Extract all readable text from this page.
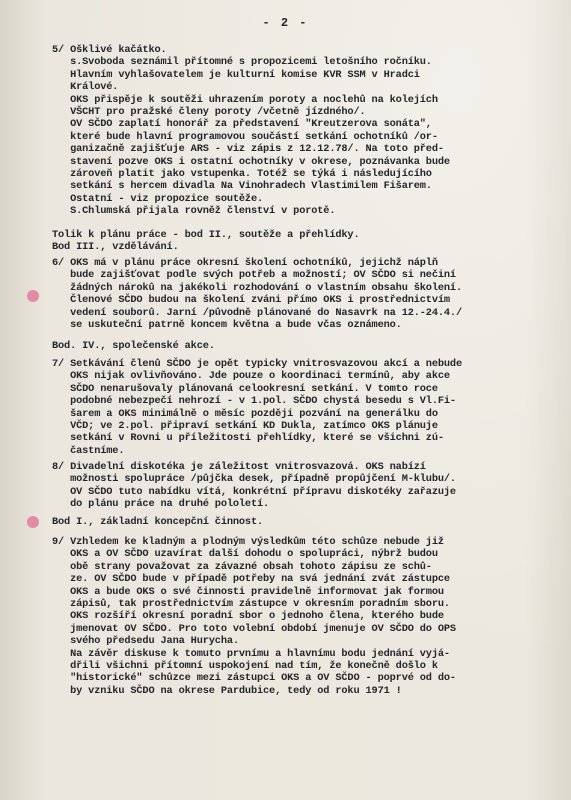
- 2 -
5/ Ošklivé kačátko.
s.Svoboda seznámil přítomné s propozicemi letošního ročníku.
Hlavním vyhlašovatelem je kulturní komise KVR SSM v Hradci
Králové.
OKS přispěje k soutěži uhrazením poroty a noclehů na kolejích
VŠCHT pro pražské členy poroty /včetně jízdného/.
OV SČDO zaplatí honorář za představení "Kreutzerova sonáta",
které bude hlavní programovou součástí setkání ochotníků /or-
ganizačně zajišťuje ARS - viz zápis z 12.12.78/. Na toto před-
stavení pozve OKS i ostatní ochotníky v okrese, poznávanka bude
zároveň platit jako vstupenka. Totéž se týká i následujícího
setkání s hercem divadla Na Vinohradech Vlastimilem Fišarem.
Ostatní - viz propozice soutěže.
S.Chlumská přijala rovněž členství v porotě.
Tolik k plánu práce - bod II., soutěže a přehlídky.
Bod III., vzdělávání.
6/ OKS má v plánu práce okresní školení ochotníků, jejichž náplň
bude zajišťovat podle svých potřeb a možností; OV SČDO si nečiní
žádných nároků na jakékoli rozhodování o vlastním obsahu školení.
Členové SČDO budou na školení zváni přímo OKS i prostřednictvím
vedení souborů. Jarní /původně plánované do Nasavrk na 12.-24.4./
se uskuteční patrně koncem května a bude včas oznámeno.
Bod. IV., společenské akce.
7/ Setkávání členů SČDO je opět typicky vnitrosvazovou akcí a nebude
OKS nijak ovlivňováno. Jde pouze o koordinaci termínů, aby akce
SČDO nenarušovaly plánovaná celookresní setkání. V tomto roce
podobné nebezpečí nehrozí - v 1.pol. SČDO chystá besedu s Vl.Fi-
šarem a OKS minimálně o měsíc později pozvání na generálku do
VČD; ve 2.pol. připraví setkání KD Dukla, zatímco OKS plánuje
setkání v Rovni u příležitosti přehlídky, které se všichni zú-
častníme.
8/ Divadelní diskotéka je záležitost vnitrosvazová. OKS nabízí
možnosti spolupráce /půjčka desek, případně propůjčení M-klubu/.
OV SČDO tuto nabídku vítá, konkrétní přípravu diskotéky zařazuje
do plánu práce na druhé pololetí.
Bod I., základní koncepční činnost.
9/ Vzhledem ke kladným a plodným výsledkům této schůze nebude již
OKS a OV SČDO uzavírat další dohodu o spolupráci, nýbrž budou
obě strany považovat za závazné obsah tohoto zápisu ze schů-
ze. OV SČDO bude v případě potřeby na svá jednání zvát zástupce
OKS a bude OKS o své činnosti pravidelně informovat jak formou
zápisů, tak prostřednictvím zástupce v okresním poradním sboru.
OKS rozšíří okresní poradní sbor o jednoho člena, kterého bude
jmenovat OV SČDO. Pro toto volební období jmenuje OV SČDO do OPS
svého předsedu Jana Hurycha.
Na závěr diskuse k tomuto prvnímu a hlavnímu bodu jednání vyjá-
dřili všichni přítomní uspokojení nad tím, že konečně došlo k
"historické" schůzce mezi zástupci OKS a OV SČDO - poprvé od do-
by vzniku SČDO na okrese Pardubice, tedy od roku 1971 !
